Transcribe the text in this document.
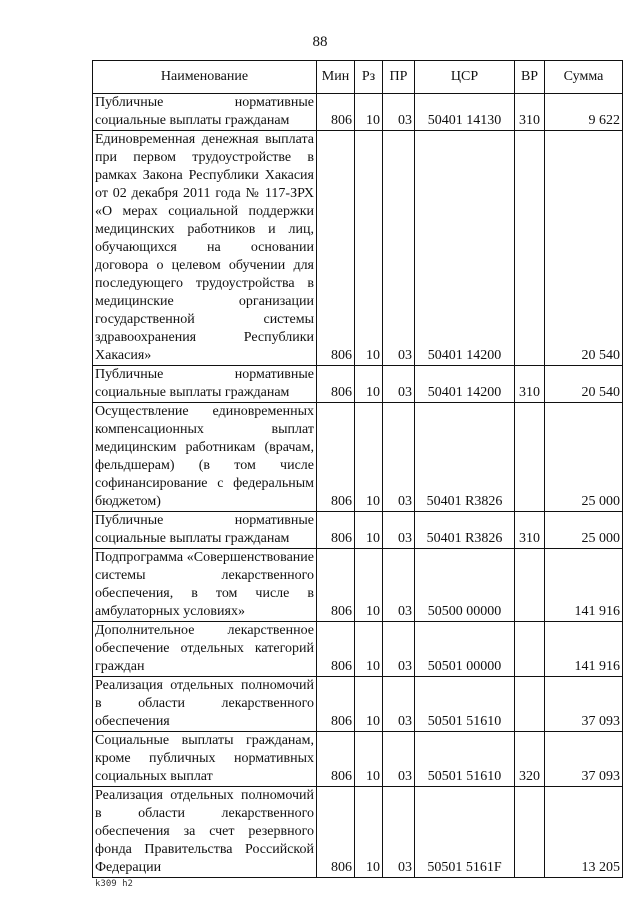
88
Наименование	Мин	Рз	ПР	ЦСР	ВР	Сумма
Публичные нормативные социальные выплаты гражданам	806	10	03	50401 14130	310	9 622
Единовременная денежная выплата при первом трудоустройстве в рамках Закона Республики Хакасия от 02 декабря 2011 года № 117-ЗРХ «О мерах социальной поддержки медицинских работников и лиц, обучающихся на основании договора о целевом обучении для последующего трудоустройства в медицинские организации государственной системы здравоохранения Республики Хакасия»	806	10	03	50401 14200		20 540
Публичные нормативные социальные выплаты гражданам	806	10	03	50401 14200	310	20 540
Осуществление единовременных компенсационных выплат медицинским работникам (врачам, фельдшерам) (в том числе софинансирование с федеральным бюджетом)	806	10	03	50401 R3826		25 000
Публичные нормативные социальные выплаты гражданам	806	10	03	50401 R3826	310	25 000
Подпрограмма «Совершенствование системы лекарственного обеспечения, в том числе в амбулаторных условиях»	806	10	03	50500 00000		141 916
Дополнительное лекарственное обеспечение отдельных категорий граждан	806	10	03	50501 00000		141 916
Реализация отдельных полномочий в области лекарственного обеспечения	806	10	03	50501 51610		37 093
Социальные выплаты гражданам, кроме публичных нормативных социальных выплат	806	10	03	50501 51610	320	37 093
Реализация отдельных полномочий в области лекарственного обеспечения за счет резервного фонда Правительства Российской Федерации	806	10	03	50501 5161F		13 205
k309 h2
